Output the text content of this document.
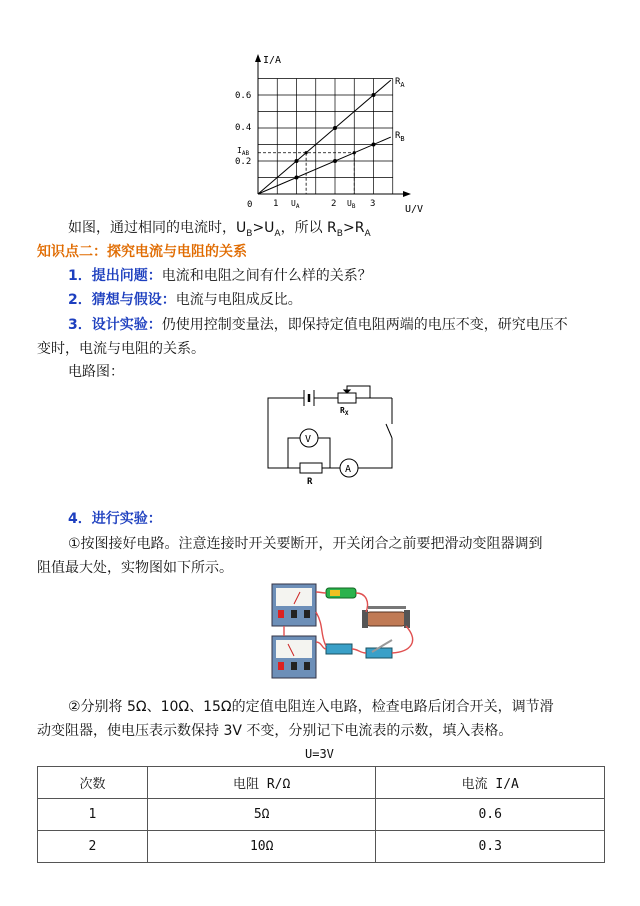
I/A
U/V
0
0.6
0.4
0.2
$I_{AB}$
1	2	3
$U_A$	$U_B$
$R_A$
$R_B$
如图，通过相同的电流时，$U_B>U_A$，所以 $R_B>R_A$
知识点二：探究电流与电阻的关系
1．提出问题：电流和电阻之间有什么样的关系？
2．猜想与假设：电流与电阻成反比。
3．设计实验：仍使用控制变量法，即保持定值电阻两端的电压不变，研究电压不
变时，电流与电阻的关系。
电路图：
$R_X$
V
A
R
4．进行实验：
①按图接好电路。注意连接时开关要断开，开关闭合之前要把滑动变阻器调到
阻值最大处，实物图如下所示。
②分别将 5Ω、10Ω、15Ω的定值电阻连入电路，检查电路后闭合开关，调节滑
动变阻器，使电压表示数保持 3V 不变，分别记下电流表的示数，填入表格。
U=3V
次数	电阻 R/Ω	电流 I/A
1	5Ω	0.6
2	10Ω	0.3
